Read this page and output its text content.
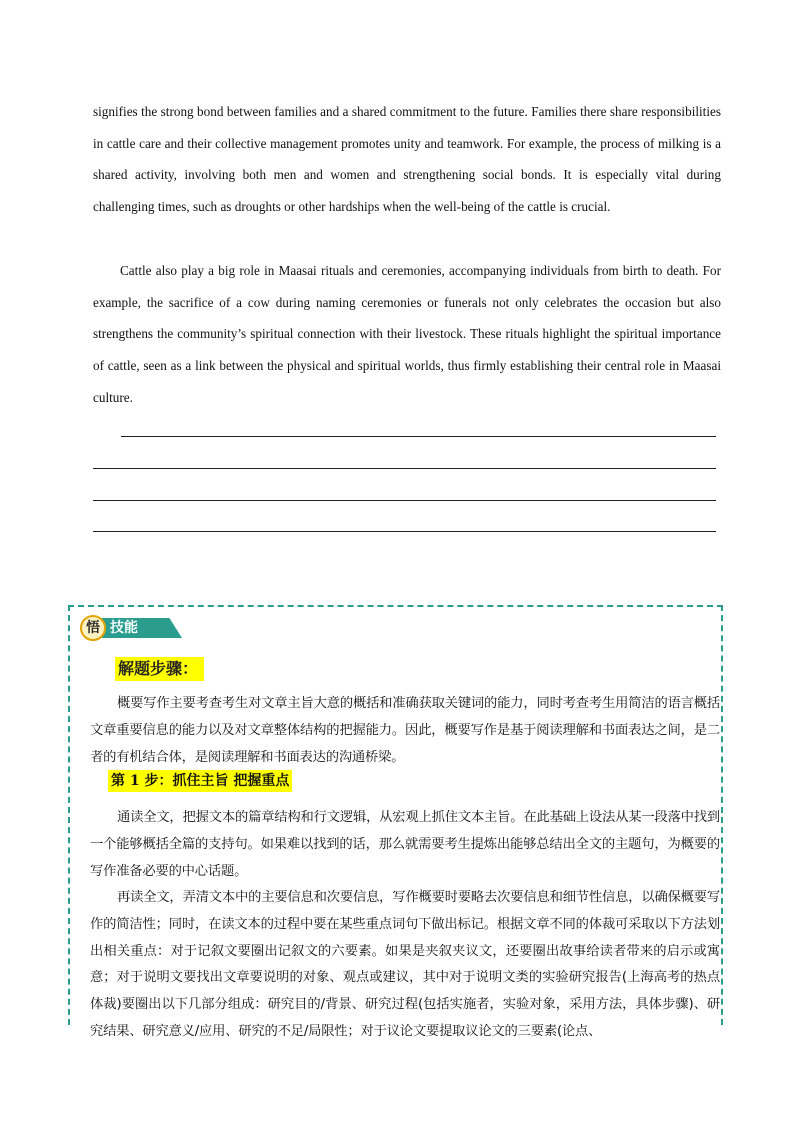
signifies the strong bond between families and a shared commitment to the future. Families there share responsibilities in cattle care and their collective management promotes unity and teamwork. For example, the process of milking is a shared activity, involving both men and women and strengthening social bonds. It is especially vital during challenging times, such as droughts or other hardships when the well-being of the cattle is crucial.

Cattle also play a big role in Maasai rituals and ceremonies, accompanying individuals from birth to death. For example, the sacrifice of a cow during naming ceremonies or funerals not only celebrates the occasion but also strengthens the community’s spiritual connection with their livestock. These rituals highlight the spiritual importance of cattle, seen as a link between the physical and spiritual worlds, thus firmly establishing their central role in Maasai culture.

技能
悟
解题步骤：

概要写作主要考查考生对文章主旨大意的概括和准确获取关键词的能力，同时考查考生用简洁的语言概括文章重要信息的能力以及对文章整体结构的把握能力。因此，概要写作是基于阅读理解和书面表达之间，是二者的有机结合体，是阅读理解和书面表达的沟通桥梁。

第 1 步：抓住主旨 把握重点

通读全文，把握文本的篇章结构和行文逻辑，从宏观上抓住文本主旨。在此基础上设法从某一段落中找到一个能够概括全篇的支持句。如果难以找到的话，那么就需要考生提炼出能够总结出全文的主题句，为概要的写作准备必要的中心话题。

再读全文，弄清文本中的主要信息和次要信息，写作概要时要略去次要信息和细节性信息，以确保概要写作的简洁性；同时，在读文本的过程中要在某些重点词句下做出标记。根据文章不同的体裁可采取以下方法划出相关重点：对于记叙文要圈出记叙文的六要素。如果是夹叙夹议文，还要圈出故事给读者带来的启示或寓意；对于说明文要找出文章要说明的对象、观点或建议，其中对于说明文类的实验研究报告(上海高考的热点体裁)要圈出以下几部分组成：研究目的/背景、研究过程(包括实施者，实验对象，采用方法，具体步骤)、研究结果、研究意义/应用、研究的不足/局限性；对于议论文要提取议论文的三要素(论点、
